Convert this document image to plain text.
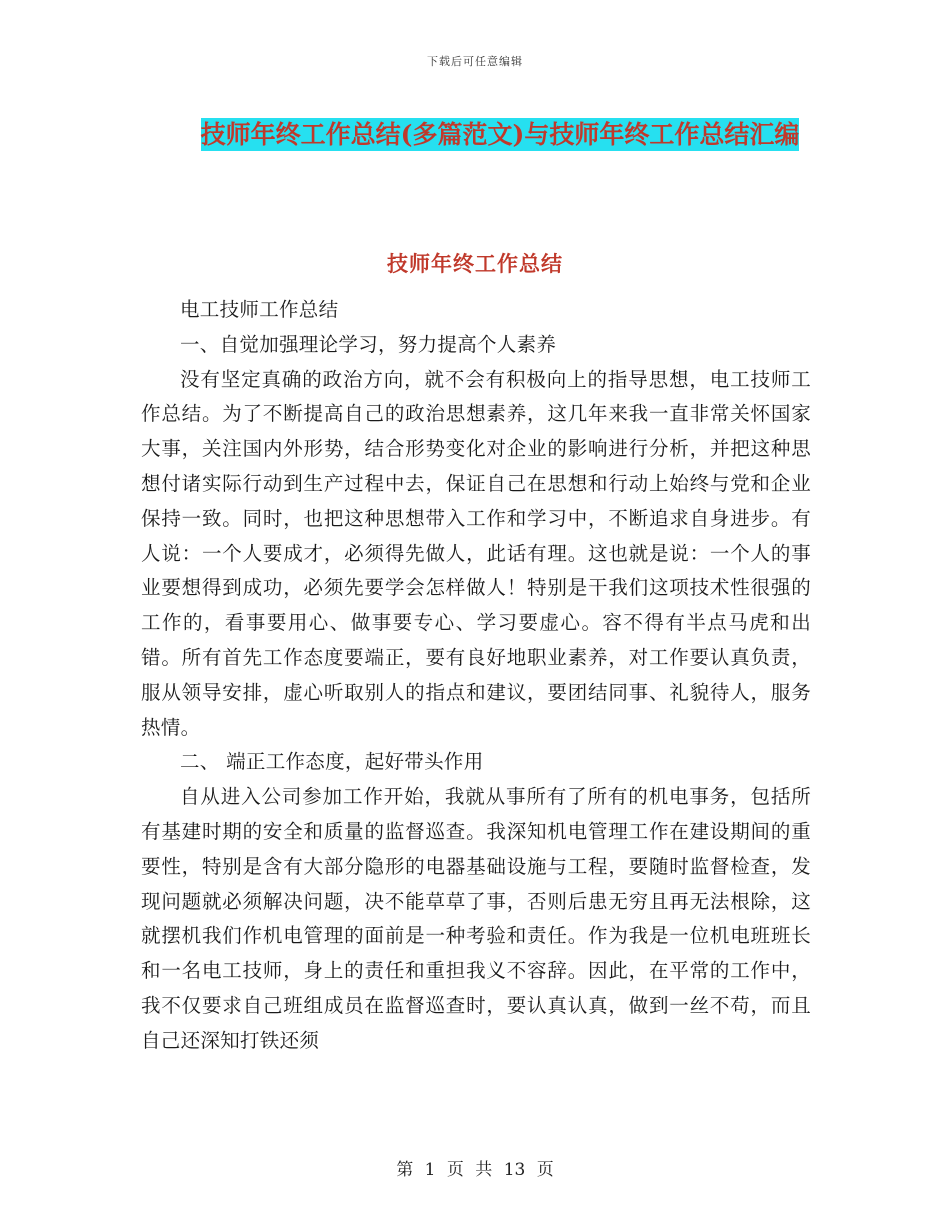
下载后可任意编辑
技师年终工作总结(多篇范文)与技师年终工作总结汇编
技师年终工作总结

电工技师工作总结

一、自觉加强理论学习，努力提高个人素养

没有坚定真确的政治方向，就不会有积极向上的指导思想，电工技师工作总结。为了不断提高自己的政治思想素养，这几年来我一直非常关怀国家大事，关注国内外形势，结合形势变化对企业的影响进行分析，并把这种思想付诸实际行动到生产过程中去，保证自己在思想和行动上始终与党和企业保持一致。同时，也把这种思想带入工作和学习中，不断追求自身进步。有人说：一个人要成才，必须得先做人，此话有理。这也就是说：一个人的事业要想得到成功，必须先要学会怎样做人！特别是干我们这项技术性很强的工作的，看事要用心、做事要专心、学习要虚心。容不得有半点马虎和出错。所有首先工作态度要端正，要有良好地职业素养，对工作要认真负责，服从领导安排，虚心听取别人的指点和建议，要团结同事、礼貌待人，服务热情。

二、 端正工作态度，起好带头作用

自从进入公司参加工作开始，我就从事所有了所有的机电事务，包括所有基建时期的安全和质量的监督巡查。我深知机电管理工作在建设期间的重要性，特别是含有大部分隐形的电器基础设施与工程，要随时监督检查，发现问题就必须解决问题，决不能草草了事，否则后患无穷且再无法根除，这就摆机我们作机电管理的面前是一种考验和责任。作为我是一位机电班班长和一名电工技师，身上的责任和重担我义不容辞。因此，在平常的工作中，我不仅要求自己班组成员在监督巡查时，要认真认真，做到一丝不苟，而且自己还深知打铁还须

第 1 页 共 13 页
